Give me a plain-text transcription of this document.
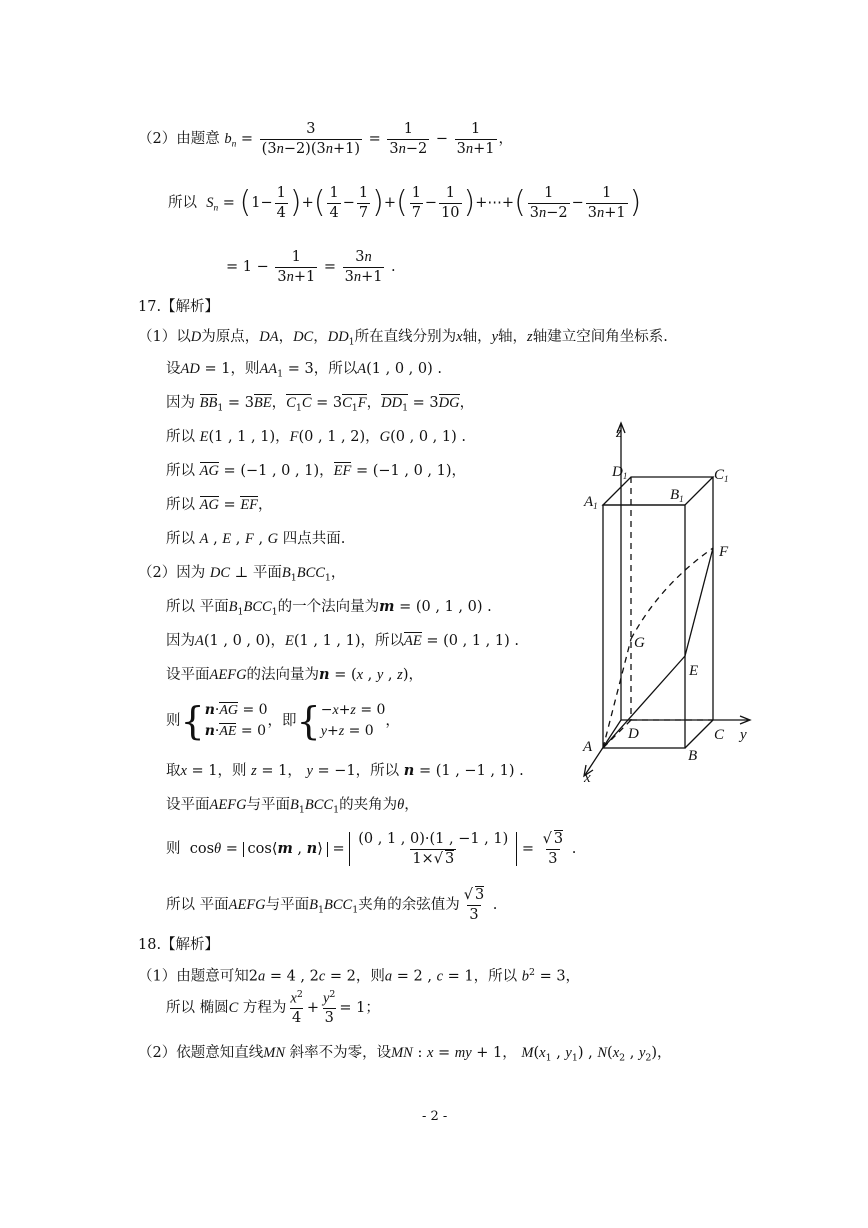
（2）由题意 $b_n = \frac{3}{(3n-2)(3n+1)} = \frac{1}{3n-2} - \frac{1}{3n+1}$ ，
所以 $S_n = (1- \frac{1}{4}$ )+( $\frac{1}{4} - \frac{1}{7}$ )+( $\frac{1}{7} - \frac{1}{10}$ )+⋯+( $\frac{1}{3n-2} - \frac{1}{3n+1}$ )
= $1 - \frac{1}{3n+1} = \frac{3n}{3n+1}$ .
17.【解析】
（1）以D为原点，DA，DC，$DD_1$所在直线分别为x轴，y轴，z轴建立空间角坐标系.
设AD = 1，则$AA_1 = 3$，所以A(1 , 0 , 0) .
因为 $BB_1 = 3BE$，$C_1C = 3C_1F$，$DD_1 = 3DG$，
所以 E(1 , 1 , 1)，F(0 , 1 , 2)，G(0 , 0 , 1) .
所以 AG = (−1 , 0 , 1)，EF = (−1 , 0 , 1)，
所以 AG = EF，
所以 A , E , F , G 四点共面.
（2）因为 DC ⊥ 平面$B_1BCC_1$，
所以 平面$B_1BCC_1$的一个法向量为m = (0 , 1 , 0) .
因为A(1 , 0 , 0)，E(1 , 1 , 1)，所以AE = (0 , 1 , 1) .
设平面AEFG的法向量为n = (x , y , z)，
则{ n·AG = 0
n·AE = 0
，即{ −x+z = 0
y+z = 0
，
取x = 1，则 z = 1， y = −1，所以 n = (1 , −1 , 1) .
设平面AEFG与平面$B_1BCC_1$的夹角为θ，
则  cosθ = cos⟨m , n⟩ = $\frac{(0 , 1 , 0)\cdot(1 , -1 , 1)}{1\times√ 3} = \frac{√ 3}{3}$ .
所以 平面AEFG与平面$B_1BCC_1$夹角的余弦值为 $\frac{√ 3}{3}$ .
18.【解析】
（1）由题意可知2a = 4 , 2c = 2，则a = 2 , c = 1，所以 $b^2 = 3$，
所以 椭圆C 方程为 $\frac{x^2}{4} + \frac{y^2}{3} = 1$；
（2）依题意知直线MN 斜率不为零，设MN : x = my + 1， $M(x_1$ , $y_1$) , $N(x_2$ , $y_2$)，
- 2 -
z
$D_1$	$C_1$
$A_1$
$B_1$
F
G
E
A
D	C y
B
x
